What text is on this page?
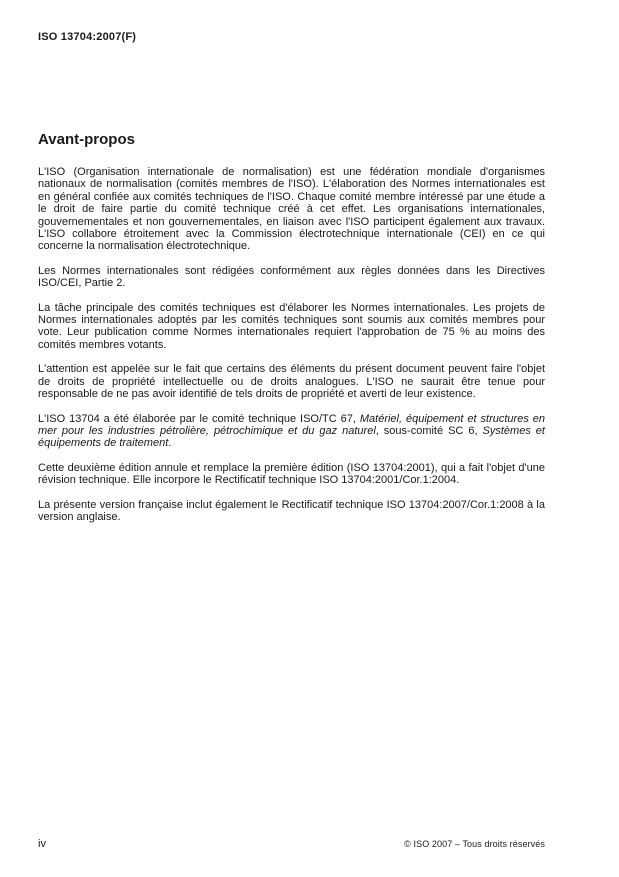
ISO 13704:2007(F)
Avant-propos

L'ISO (Organisation internationale de normalisation) est une fédération mondiale d'organismes nationaux de normalisation (comités membres de l'ISO). L'élaboration des Normes internationales est en général confiée aux comités techniques de l'ISO. Chaque comité membre intéressé par une étude a le droit de faire partie du comité technique créé à cet effet. Les organisations internationales, gouvernementales et non gouvernementales, en liaison avec l'ISO participent également aux travaux. L'ISO collabore étroitement avec la Commission électrotechnique internationale (CEI) en ce qui concerne la normalisation électrotechnique.

Les Normes internationales sont rédigées conformément aux règles données dans les Directives ISO/CEI, Partie 2.

La tâche principale des comités techniques est d'élaborer les Normes internationales. Les projets de Normes internationales adoptés par les comités techniques sont soumis aux comités membres pour vote. Leur publication comme Normes internationales requiert l'approbation de 75 % au moins des comités membres votants.

L'attention est appelée sur le fait que certains des éléments du présent document peuvent faire l'objet de droits de propriété intellectuelle ou de droits analogues. L'ISO ne saurait être tenue pour responsable de ne pas avoir identifié de tels droits de propriété et averti de leur existence.

L'ISO 13704 a été élaborée par le comité technique ISO/TC 67, Matériel, équipement et structures en mer pour les industries pétrolière, pétrochimique et du gaz naturel, sous-comité SC 6, Systèmes et équipements de traitement.

Cette deuxième édition annule et remplace la première édition (ISO 13704:2001), qui a fait l'objet d'une révision technique. Elle incorpore le Rectificatif technique ISO 13704:2001/Cor.1:2004.

La présente version française inclut également le Rectificatif technique ISO 13704:2007/Cor.1:2008 à la version anglaise.

iv	© ISO 2007 – Tous droits réservés
